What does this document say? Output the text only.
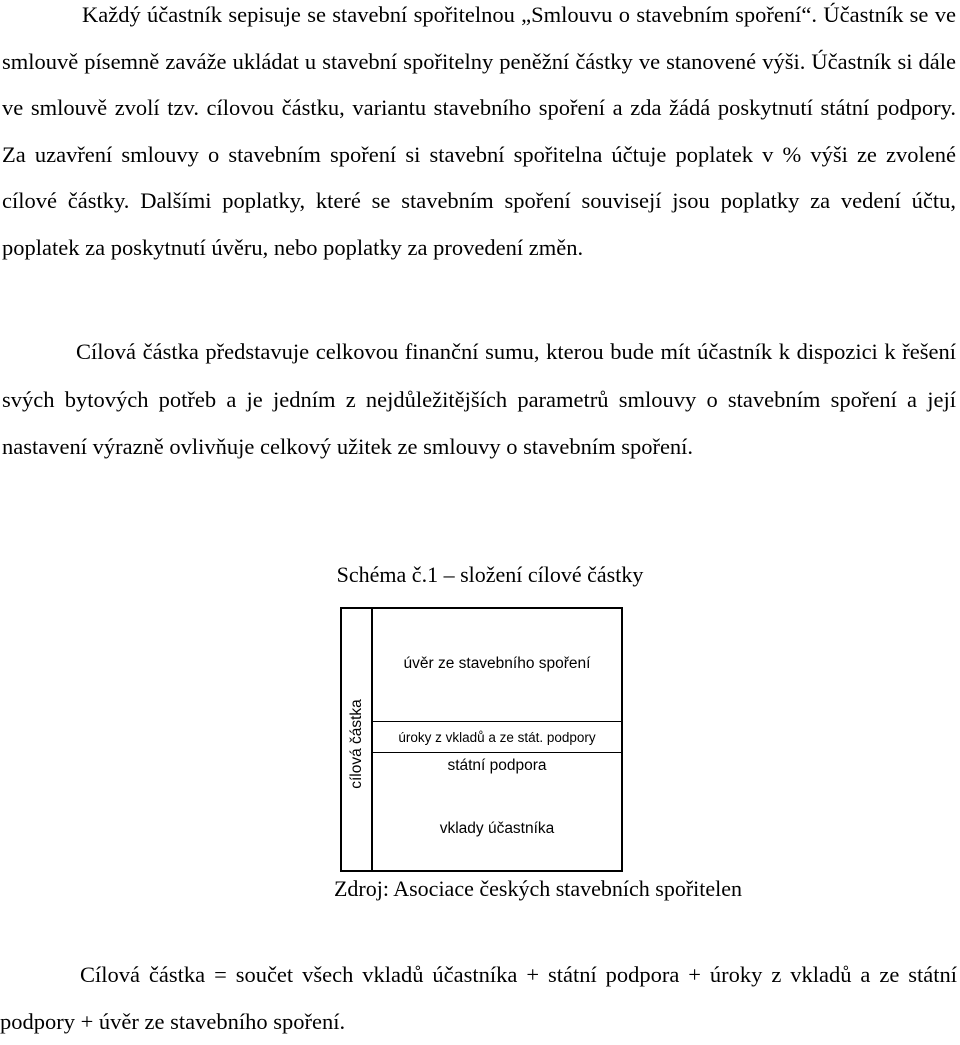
Každý účastník sepisuje se stavební spořitelnou „Smlouvu o stavebním spoření“. Účastník se ve smlouvě písemně zaváže ukládat u stavební spořitelny peněžní částky ve stanovené výši. Účastník si dále ve smlouvě zvolí tzv. cílovou částku, variantu stavebního spoření a zda žádá poskytnutí státní podpory. Za uzavření smlouvy o stavebním spoření si stavební spořitelna účtuje poplatek v % výši ze zvolené cílové částky. Dalšími poplatky, které se stavebním spoření souvisejí jsou poplatky za vedení účtu, poplatek za poskytnutí úvěru, nebo poplatky za provedení změn.

Cílová částka představuje celkovou finanční sumu, kterou bude mít účastník k dispozici k řešení svých bytových potřeb a je jedním z nejdůležitějších parametrů smlouvy o stavebním spoření a její nastavení výrazně ovlivňuje celkový užitek ze smlouvy o stavebním spoření.

Schéma č.1 – složení cílové částky

cílová částka
úvěr ze stavebního spoření
úroky z vkladů a ze stát. podpory
státní podpora
vklady účastníka

Zdroj: Asociace českých stavebních spořitelen

Cílová částka = součet všech vkladů účastníka + státní podpora + úroky z vkladů a ze státní podpory + úvěr ze stavebního spoření.
